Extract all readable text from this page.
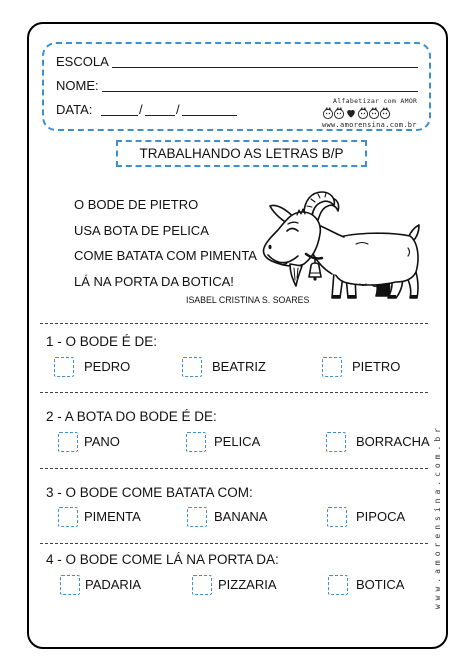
ESCOLA
NOME:
DATA:	/	/
Alfabetizar com AMOR
www.amorensina.com.br
TRABALHANDO AS LETRAS B/P
O BODE DE PIETRO
USA BOTA DE PELICA
COME BATATA COM PIMENTA
LÁ NA PORTA DA BOTICA!
ISABEL CRISTINA S. SOARES
1 - O BODE É DE:
PEDRO	BEATRIZ	PIETRO
2 - A BOTA DO BODE É DE:
PANO	PELICA	BORRACHA
3 - O BODE COME BATATA COM:
PIMENTA	BANANA	PIPOCA
4 - O BODE COME LÁ NA PORTA DA:
PADARIA	PIZZARIA	BOTICA	www.amorensina.com.br
